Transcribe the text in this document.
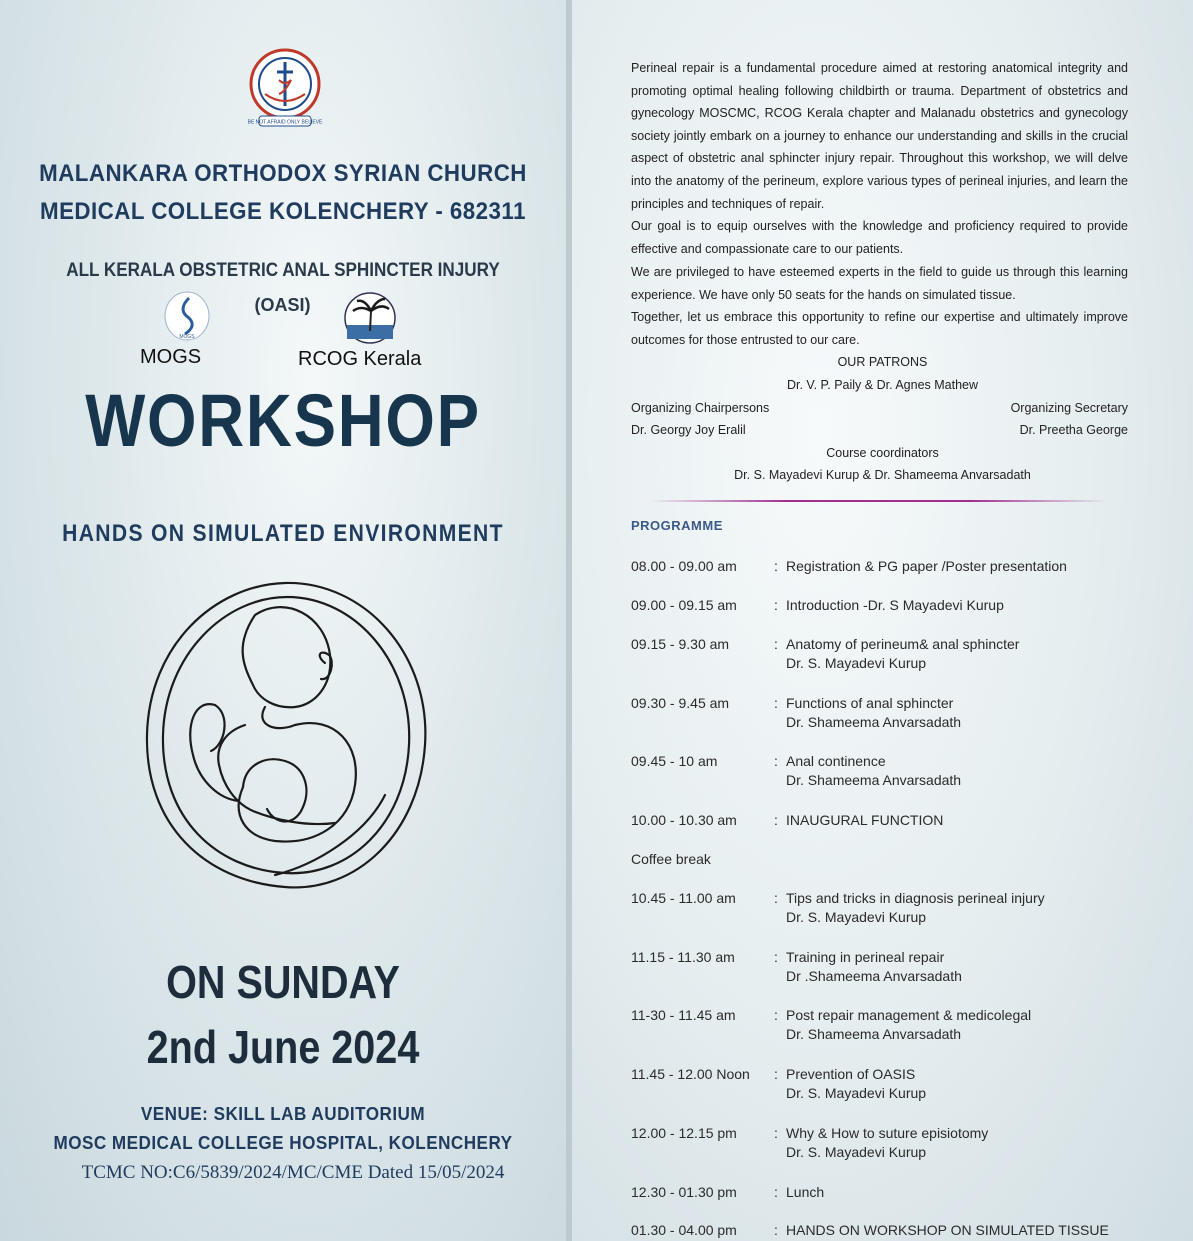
BE NOT AFRAID ONLY BELIEVE
MALANKARA ORTHODOX SYRIAN CHURCH
MEDICAL COLLEGE KOLENCHERY - 682311
ALL KERALA OBSTETRIC ANAL SPHINCTER INJURY
(OASI)
MOGS
MOGS	RCOG Kerala
WORKSHOP
HANDS ON SIMULATED ENVIRONMENT
ON SUNDAY
2nd June 2024
VENUE: SKILL LAB AUDITORIUM
MOSC MEDICAL COLLEGE HOSPITAL, KOLENCHERY
TCMC NO:C6/5839/2024/MC/CME Dated 15/05/2024
Perineal repair is a fundamental procedure aimed at restoring anatomical integrity and promoting optimal healing following childbirth or trauma. Department of obstetrics and gynecology MOSCMC, RCOG Kerala chapter and Malanadu obstetrics and gynecology society jointly embark on a journey to enhance our understanding and skills in the crucial aspect of obstetric anal sphincter injury repair. Throughout this workshop, we will delve into the anatomy of the perineum, explore various types of perineal injuries, and learn the principles and techniques of repair.
Our goal is to equip ourselves with the knowledge and proficiency required to provide effective and compassionate care to our patients.
We are privileged to have esteemed experts in the field to guide us through this learning experience. We have only 50 seats for the hands on simulated tissue.
Together, let us embrace this opportunity to refine our expertise and ultimately improve outcomes for those entrusted to our care.
OUR PATRONS
Dr. V. P. Paily & Dr. Agnes Mathew
Organizing Chairpersons
Dr. Georgy Joy Eralil
Organizing Secretary
Dr. Preetha George
Course coordinators
Dr. S. Mayadevi Kurup & Dr. Shameema Anvarsadath
PROGRAMME
08.00 - 09.00 am	: Registration & PG paper /Poster presentation
09.00 - 09.15 am	: Introduction -Dr. S Mayadevi Kurup
09.15 - 9.30 am	: Anatomy of perineum& anal sphincter
Dr. S. Mayadevi Kurup
09.30 - 9.45 am	: Functions of anal sphincter
Dr. Shameema Anvarsadath
09.45 - 10 am	: Anal continence
Dr. Shameema Anvarsadath
10.00 - 10.30 am	: INAUGURAL FUNCTION
Coffee break
10.45 - 11.00 am	: Tips and tricks in diagnosis perineal injury
Dr. S. Mayadevi Kurup
11.15 - 11.30 am	: Training in perineal repair
Dr .Shameema Anvarsadath
11-30 - 11.45 am	: Post repair management & medicolegal
Dr. Shameema Anvarsadath
11.45 - 12.00 Noon : Prevention of OASIS
Dr. S. Mayadevi Kurup
12.00 - 12.15 pm	: Why & How to suture episiotomy
Dr. S. Mayadevi Kurup
12.30 - 01.30 pm	: Lunch
01.30 - 04.00 pm	: HANDS ON WORKSHOP ON SIMULATED TISSUE
